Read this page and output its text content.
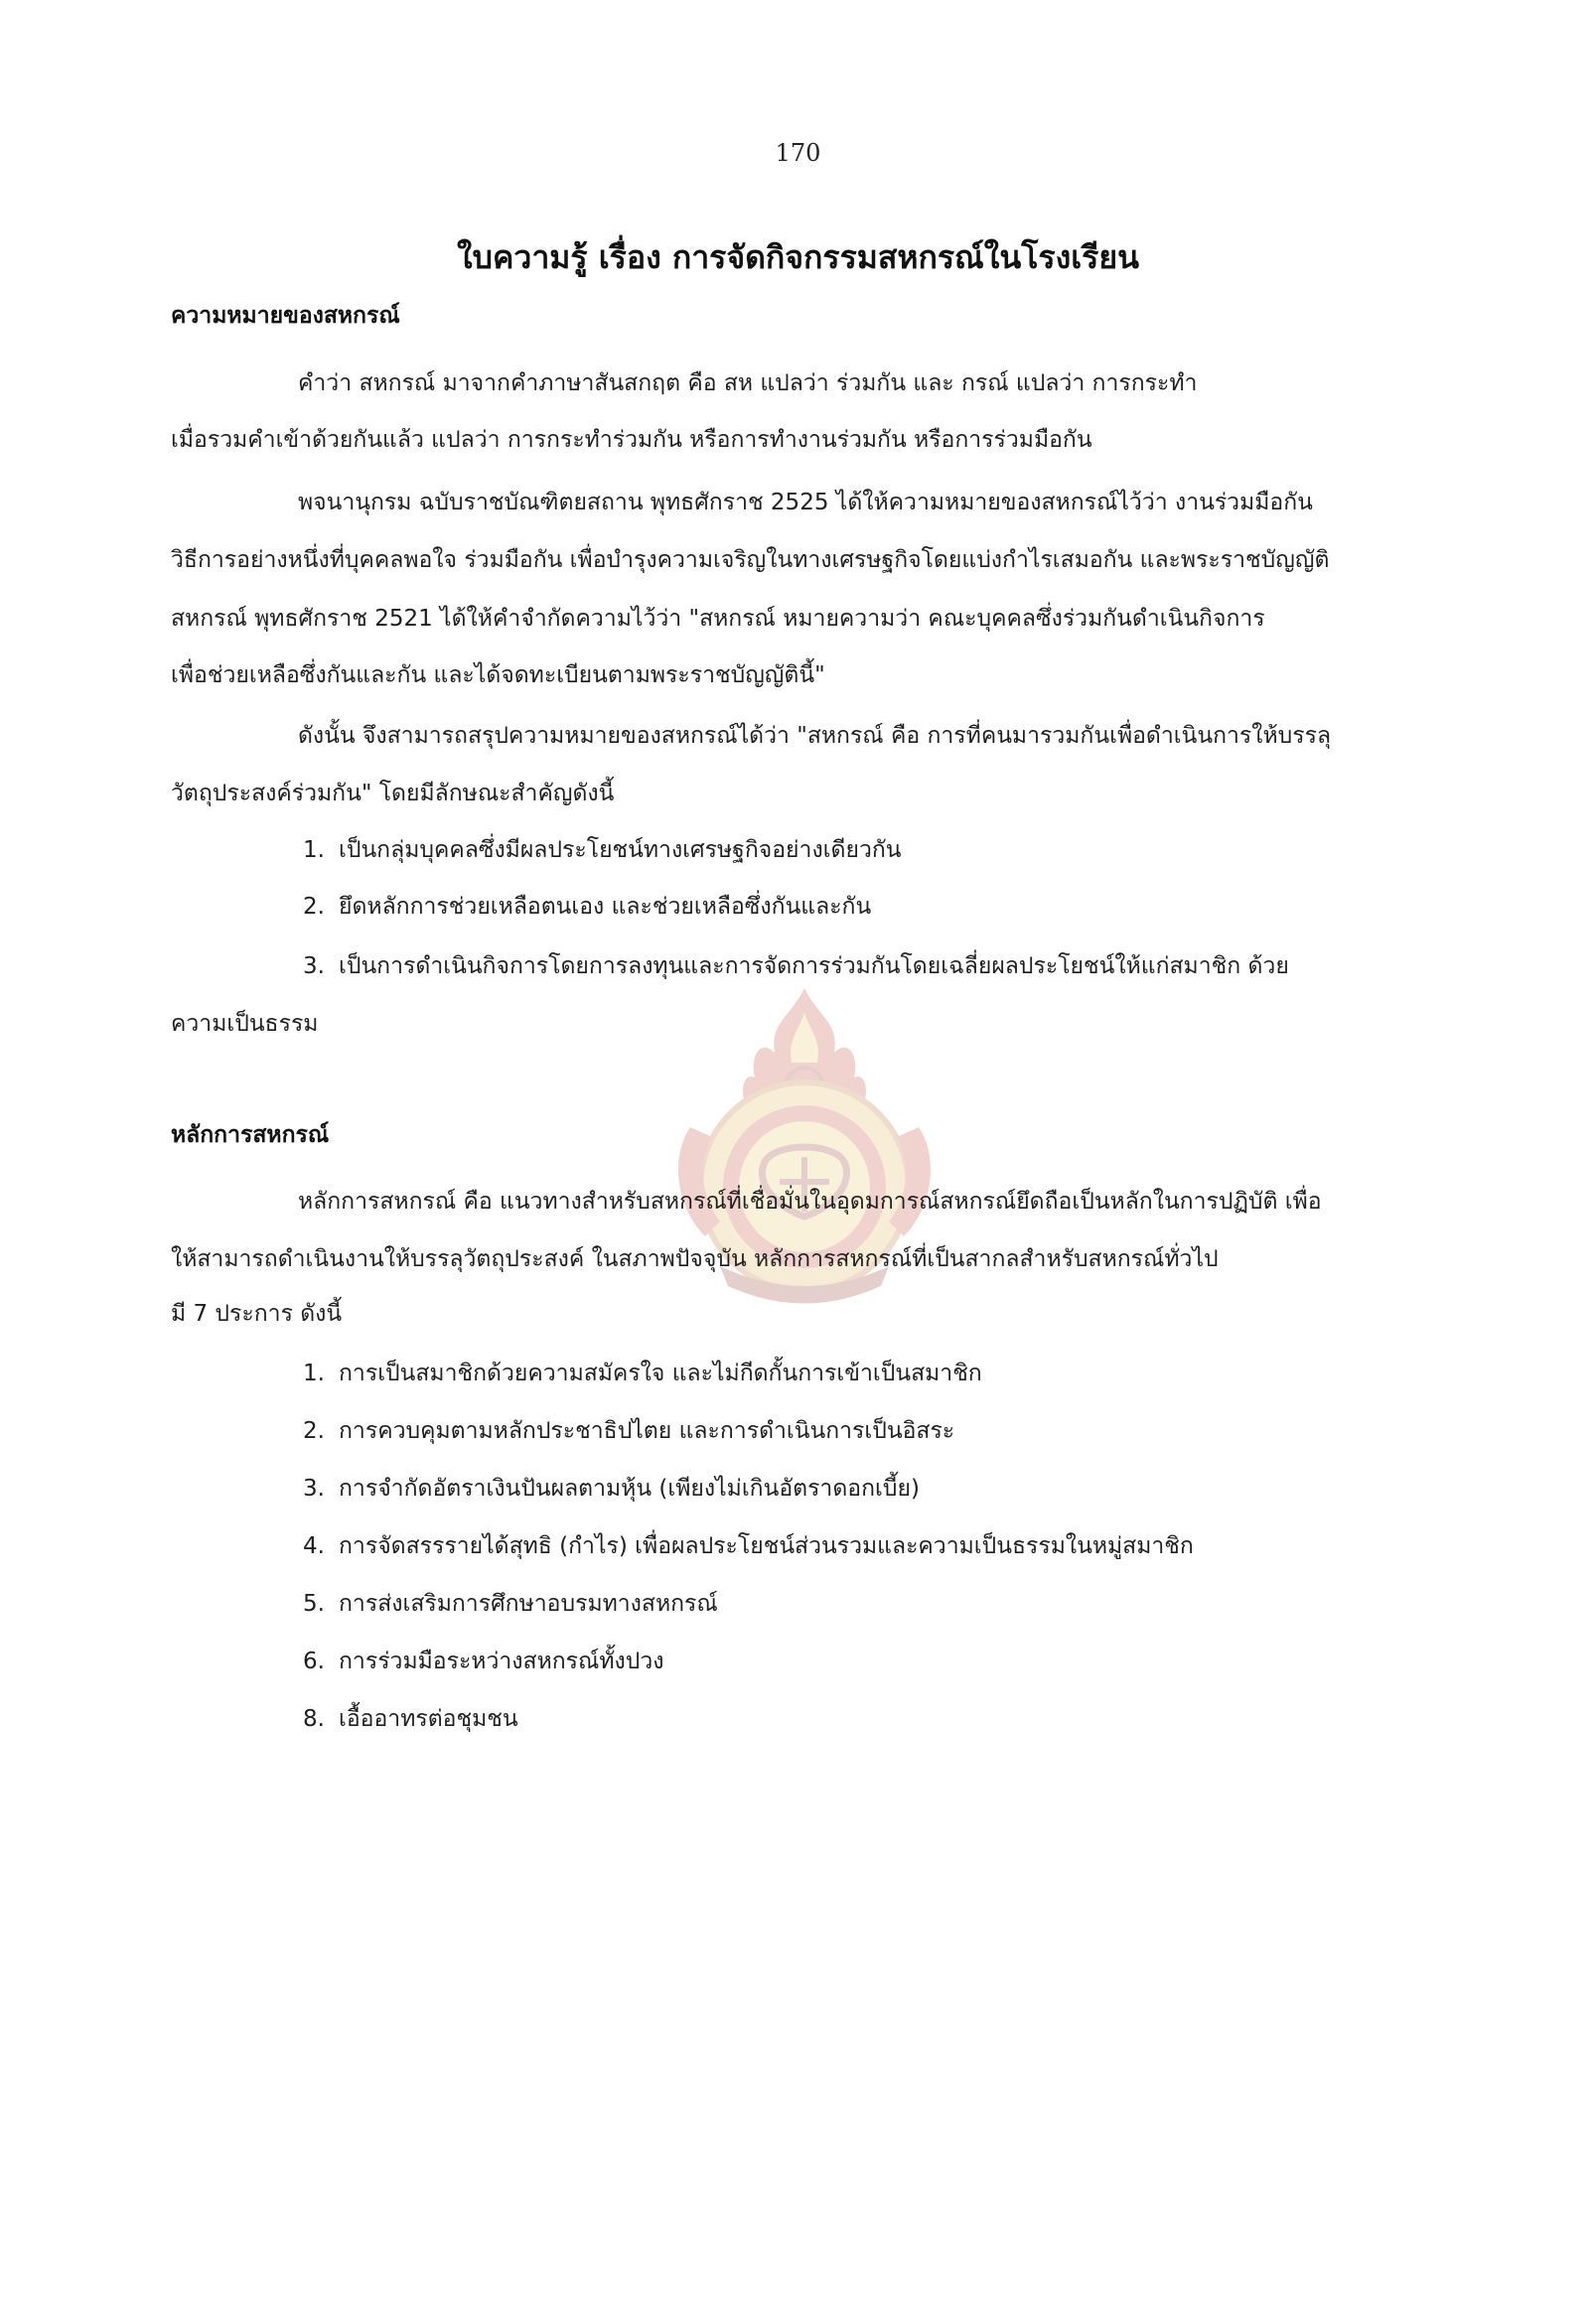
170
ใบความรู้ เรื่อง การจัดกิจกรรมสหกรณ์ในโรงเรียน
ความหมายของสหกรณ์
คำว่า สหกรณ์ มาจากคำภาษาสันสกฤต คือ สห แปลว่า ร่วมกัน และ กรณ์ แปลว่า การกระทำ
เมื่อรวมคำเข้าด้วยกันแล้ว แปลว่า การกระทำร่วมกัน หรือการทำงานร่วมกัน หรือการร่วมมือกัน
พจนานุกรม ฉบับราชบัณฑิตยสถาน พุทธศักราช 2525 ได้ให้ความหมายของสหกรณ์ไว้ว่า งานร่วมมือกัน
วิธีการอย่างหนึ่งที่บุคคลพอใจ ร่วมมือกัน เพื่อบำรุงความเจริญในทางเศรษฐกิจโดยแบ่งกำไรเสมอกัน และพระราชบัญญัติ
สหกรณ์ พุทธศักราช 2521 ได้ให้คำจำกัดความไว้ว่า "สหกรณ์ หมายความว่า คณะบุคคลซึ่งร่วมกันดำเนินกิจการ
เพื่อช่วยเหลือซึ่งกันและกัน และได้จดทะเบียนตามพระราชบัญญัตินี้"
ดังนั้น จึงสามารถสรุปความหมายของสหกรณ์ได้ว่า "สหกรณ์ คือ การที่คนมารวมกันเพื่อดำเนินการให้บรรลุ
วัตถุประสงค์ร่วมกัน" โดยมีลักษณะสำคัญดังนี้
1. เป็นกลุ่มบุคคลซึ่งมีผลประโยชน์ทางเศรษฐกิจอย่างเดียวกัน
2. ยึดหลักการช่วยเหลือตนเอง และช่วยเหลือซึ่งกันและกัน
3. เป็นการดำเนินกิจการโดยการลงทุนและการจัดการร่วมกันโดยเฉลี่ยผลประโยชน์ให้แก่สมาชิก ด้วย
ความเป็นธรรม
หลักการสหกรณ์
หลักการสหกรณ์ คือ แนวทางสำหรับสหกรณ์ที่เชื่อมั่นในอุดมการณ์สหกรณ์ยึดถือเป็นหลักในการปฏิบัติ เพื่อ
ให้สามารถดำเนินงานให้บรรลุวัตถุประสงค์ ในสภาพปัจจุบัน หลักการสหกรณ์ที่เป็นสากลสำหรับสหกรณ์ทั่วไป
มี 7 ประการ ดังนี้
1. การเป็นสมาชิกด้วยความสมัครใจ และไม่กีดกั้นการเข้าเป็นสมาชิก
2. การควบคุมตามหลักประชาธิปไตย และการดำเนินการเป็นอิสระ
3. การจำกัดอัตราเงินปันผลตามหุ้น (เพียงไม่เกินอัตราดอกเบี้ย)
4. การจัดสรรรายได้สุทธิ (กำไร) เพื่อผลประโยชน์ส่วนรวมและความเป็นธรรมในหมู่สมาชิก
5. การส่งเสริมการศึกษาอบรมทางสหกรณ์
6. การร่วมมือระหว่างสหกรณ์ทั้งปวง
8. เอื้ออาทรต่อชุมชน
